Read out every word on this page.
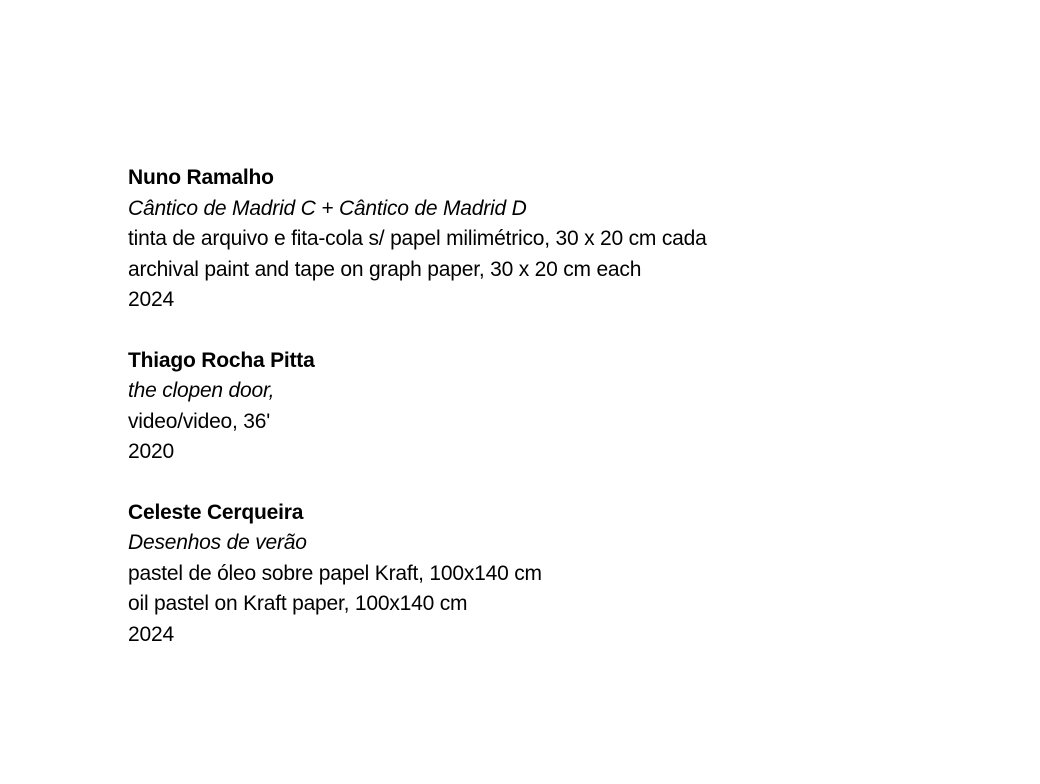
Nuno Ramalho
Cântico de Madrid C + Cântico de Madrid D
tinta de arquivo e fita-cola s/ papel milimétrico, 30 x 20 cm cada
archival paint and tape on graph paper, 30 x 20 cm each
2024
Thiago Rocha Pitta
the clopen door,
video/video, 36'
2020
Celeste Cerqueira
Desenhos de verão
pastel de óleo sobre papel Kraft, 100x140 cm
oil pastel on Kraft paper, 100x140 cm
2024
